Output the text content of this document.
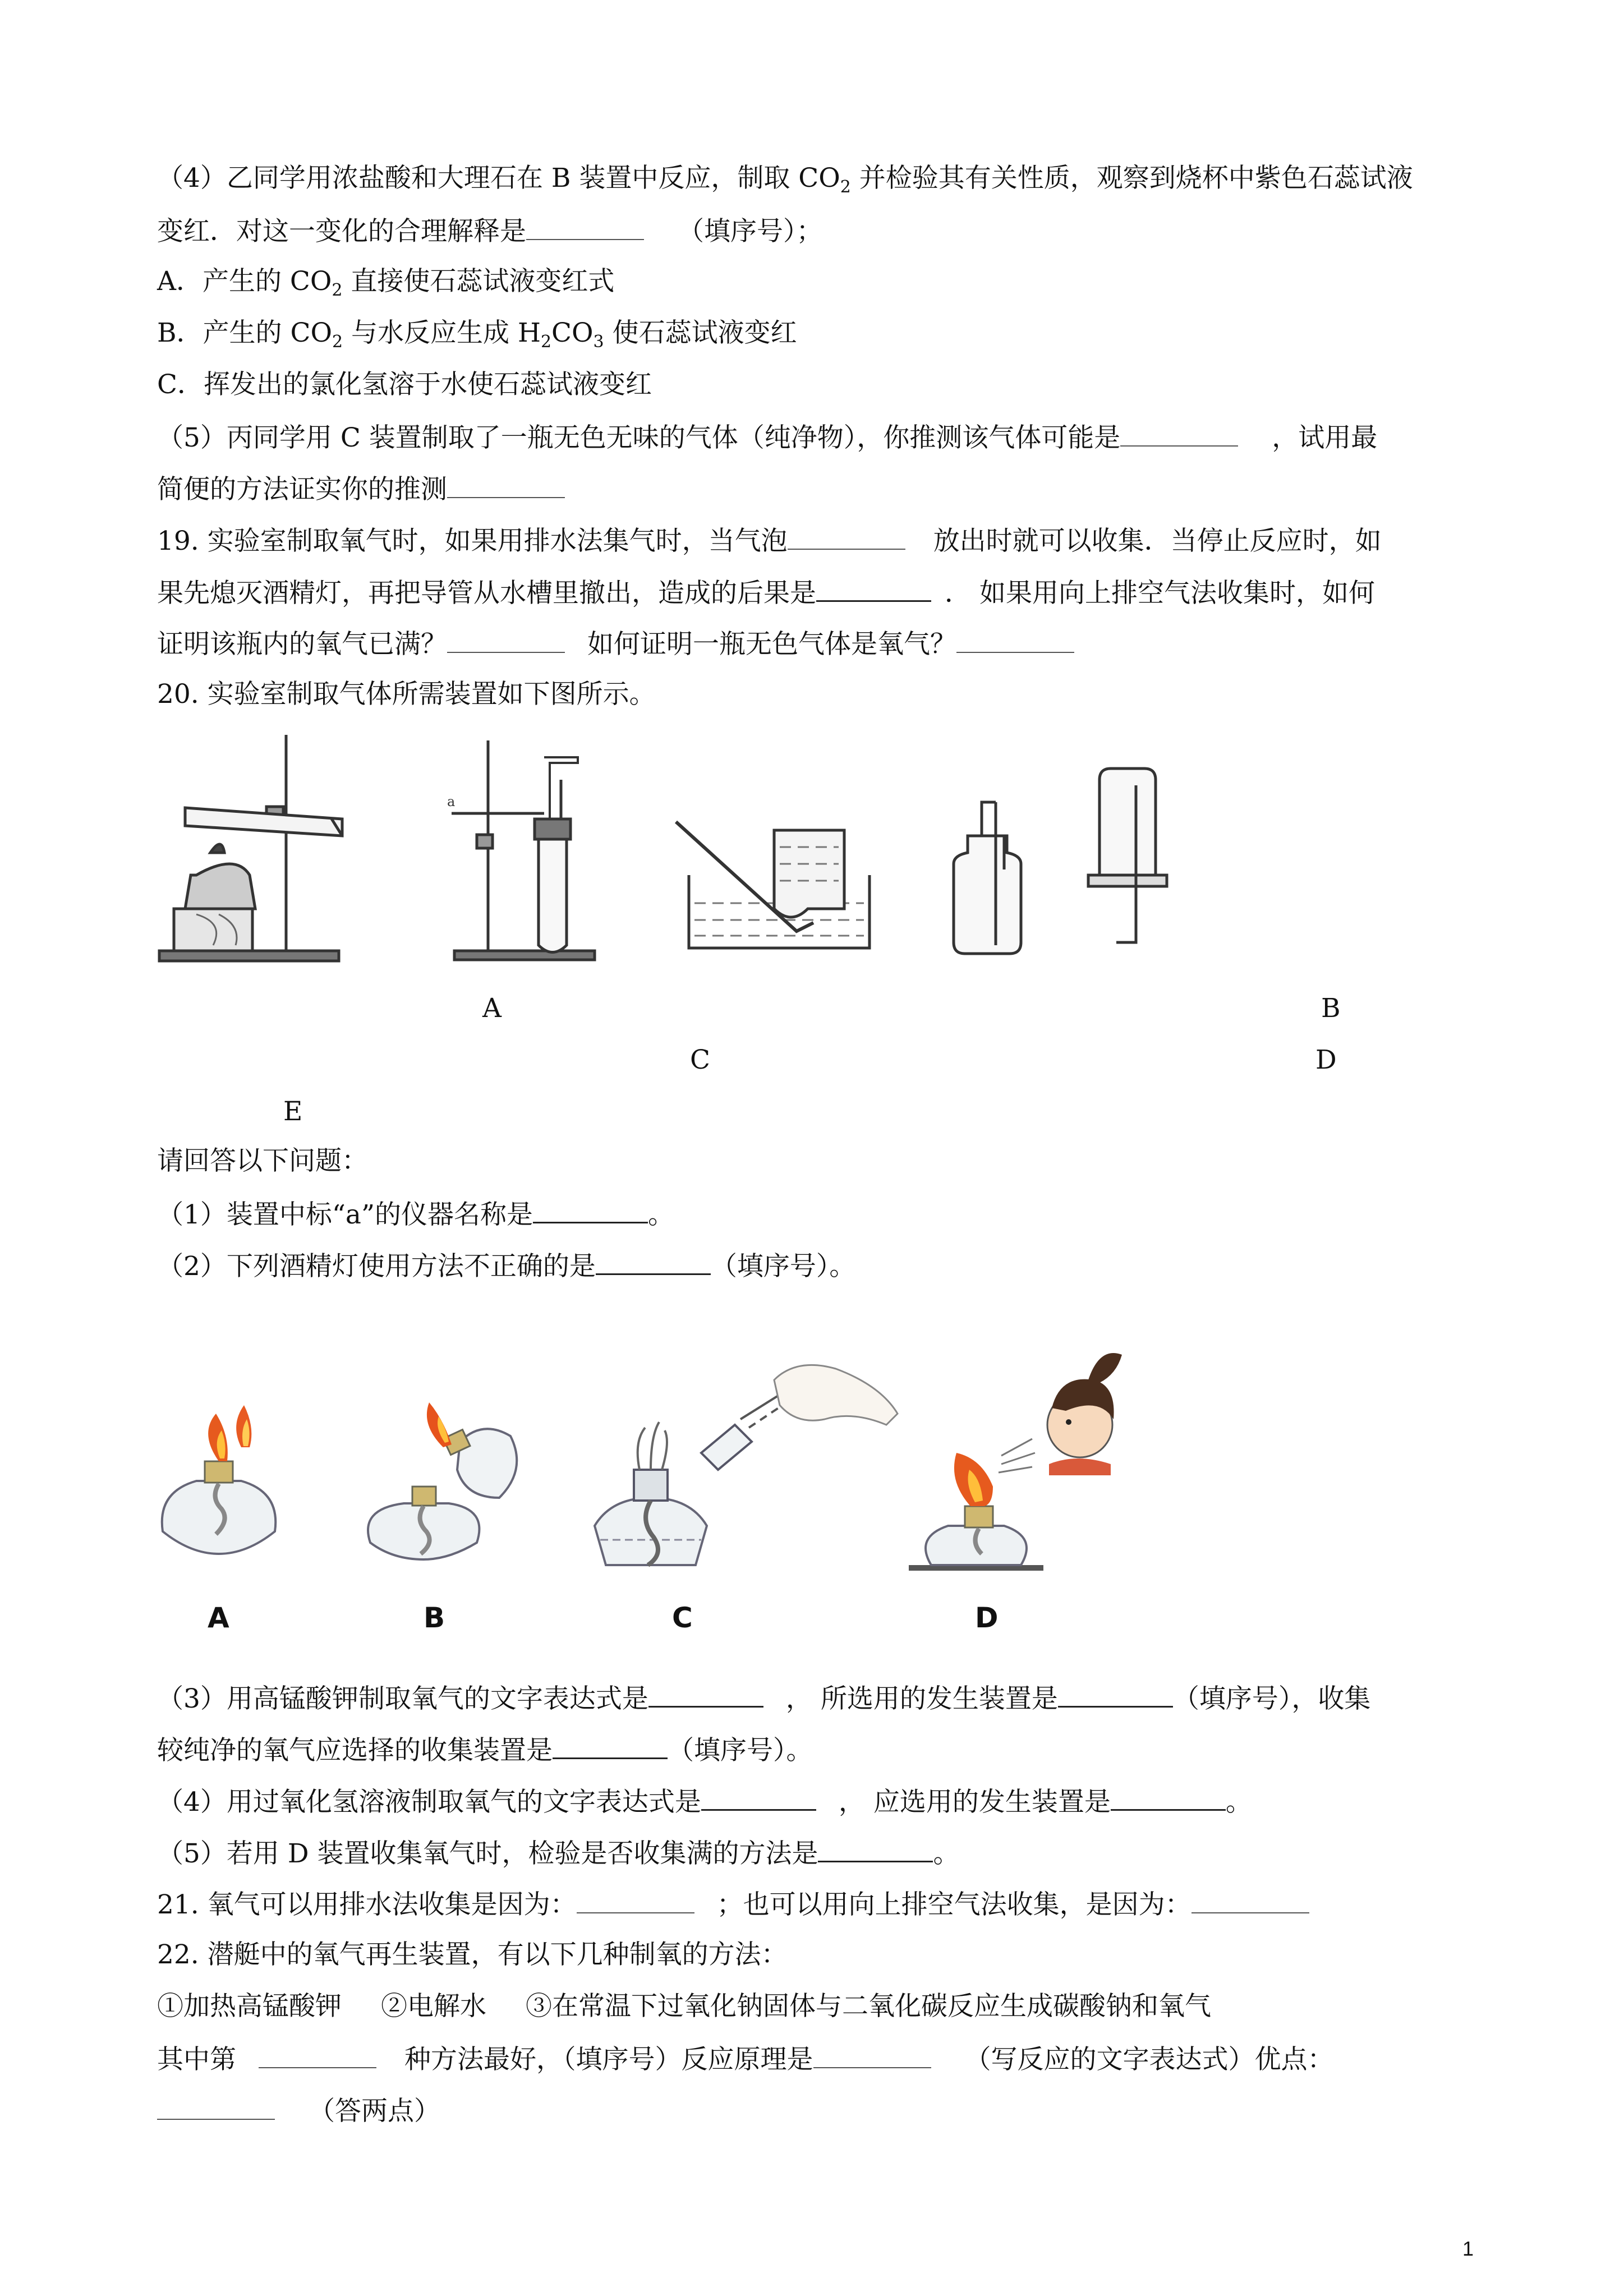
（4）乙同学用浓盐酸和大理石在 B 装置中反应，制取 $CO_2$ 并检验其有关性质，观察到烧杯中紫色石蕊试液
变红．对这一变化的合理解释是	（填序号）；
A．产生的 $CO_2$ 直接使石蕊试液变红式
B．产生的 $CO_2$ 与水反应生成 $H_2CO_3$ 使石蕊试液变红
C．挥发出的氯化氢溶于水使石蕊试液变红
（5）丙同学用 C 装置制取了一瓶无色无味的气体（纯净物），你推测该气体可能是	，试用最
简便的方法证实你的推测
19. 实验室制取氧气时，如果用排水法集气时，当气泡	放出时就可以收集．当停止反应时，如
果先熄灭酒精灯，再把导管从水槽里撤出，造成的后果是	． 如果用向上排空气法收集时，如何
证明该瓶内的氧气已满？	如何证明一瓶无色气体是氧气？
20. 实验室制取气体所需装置如下图所示。
a
A	B
C	D
E
请回答以下问题：
（1）装置中标“a”的仪器名称是	。
（2）下列酒精灯使用方法不正确的是	（填序号）。
A	B	C	D
（3）用高锰酸钾制取氧气的文字表达式是	， 所选用的发生装置是	（填序号），收集
较纯净的氧气应选择的收集装置是	（填序号）。
（4）用过氧化氢溶液制取氧气的文字表达式是	， 应选用的发生装置是	。
（5）若用 D 装置收集氧气时，检验是否收集满的方法是	。
21. 氧气可以用排水法收集是因为：	；也可以用向上排空气法收集，是因为：
22. 潜艇中的氧气再生装置，有以下几种制氧的方法：
①加热高锰酸钾 ②电解水 ③在常温下过氧化钠固体与二氧化碳反应生成碳酸钠和氧气
其中第	种方法最好，（填序号）反应原理是	（写反应的文字表达式）优点：
（答两点）
1
